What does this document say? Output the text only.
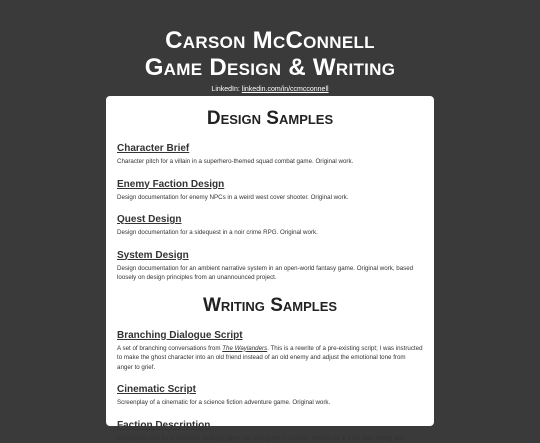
Carson McConnell
Game Design & Writing
LinkedIn: linkedin.com/in/ccmcconnell
Design Samples
Character Brief
Character pitch for a villain in a superhero-themed squad combat game. Original work.
Enemy Faction Design
Design documentation for enemy NPCs in a weird west cover shooter. Original work.
Quest Design
Design documentation for a sidequest in a noir crime RPG. Original work.
System Design
Design documentation for an ambient narrative system in an open-world fantasy game. Original work, based loosely on design principles from an unannounced project.
Writing Samples
Branching Dialogue Script
A set of branching conversations from The Waylanders. This is a rewrite of a pre-existing script; I was instructed to make the ghost character into an old friend instead of an old enemy and adjust the emotional tone from anger to grief.
Cinematic Script
Screenplay of a cinematic for a science fiction adventure game. Original work.
Faction Description
Description text for a historical strategy game set during the Crusades. Written for a Total War writing test.
